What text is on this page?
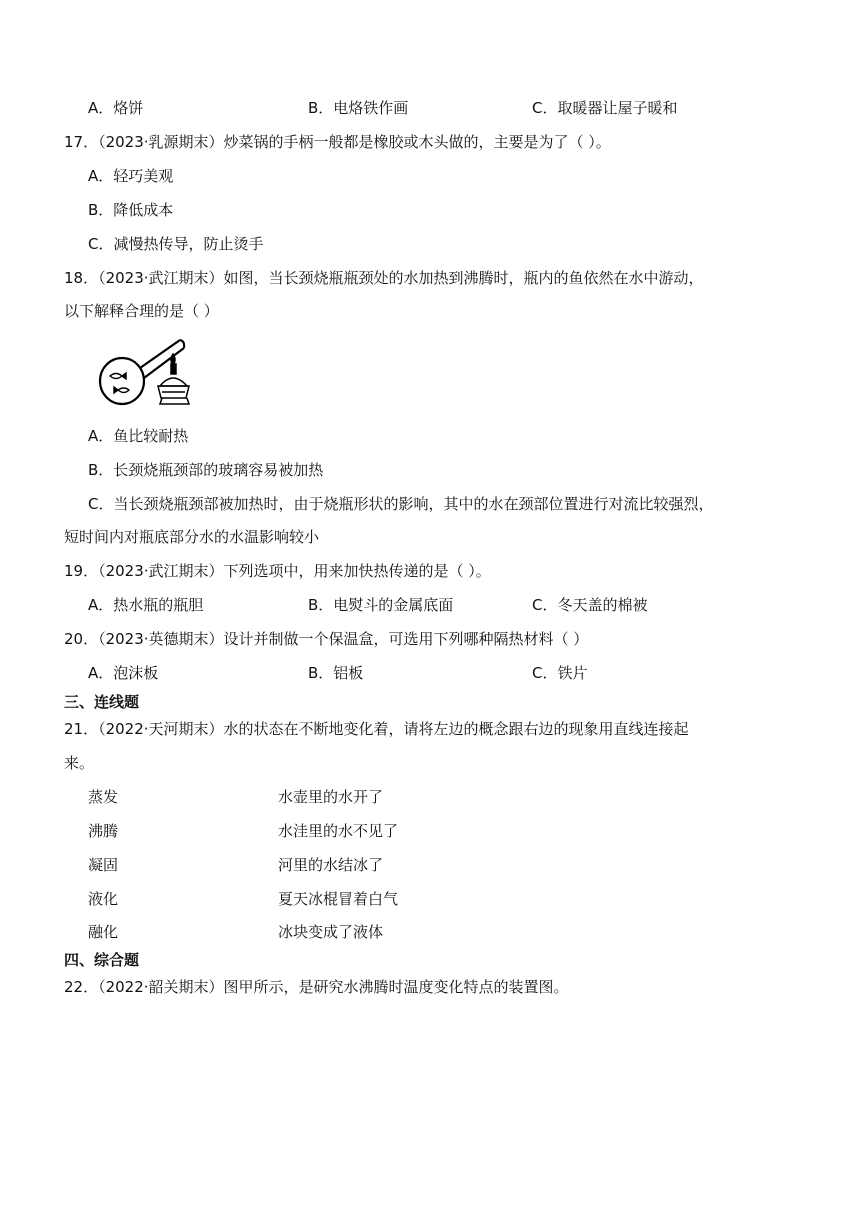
A．烙饼	B．电烙铁作画	C．取暖器让屋子暖和
17．（2023·乳源期末）炒菜锅的手柄一般都是橡胶或木头做的，主要是为了（ ）。
A．轻巧美观
B．降低成本
C．减慢热传导，防止烫手
18．（2023·武江期末）如图，当长颈烧瓶瓶颈处的水加热到沸腾时，瓶内的鱼依然在水中游动，
以下解释合理的是（ ）
A．鱼比较耐热
B．长颈烧瓶颈部的玻璃容易被加热
C．当长颈烧瓶颈部被加热时，由于烧瓶形状的影响，其中的水在颈部位置进行对流比较强烈，
短时间内对瓶底部分水的水温影响较小
19．（2023·武江期末）下列选项中，用来加快热传递的是（ ）。
A．热水瓶的瓶胆	B．电熨斗的金属底面	C．冬天盖的棉被
20．（2023·英德期末）设计并制做一个保温盒，可选用下列哪种隔热材料（ ）
A．泡沫板	B．铝板	C．铁片
三、连线题
21．（2022·天河期末）水的状态在不断地变化着，请将左边的概念跟右边的现象用直线连接起
来。
蒸发	水壶里的水开了
沸腾	水洼里的水不见了
凝固	河里的水结冰了
液化	夏天冰棍冒着白气
融化	冰块变成了液体
四、综合题
22．（2022·韶关期末）图甲所示，是研究水沸腾时温度变化特点的装置图。
